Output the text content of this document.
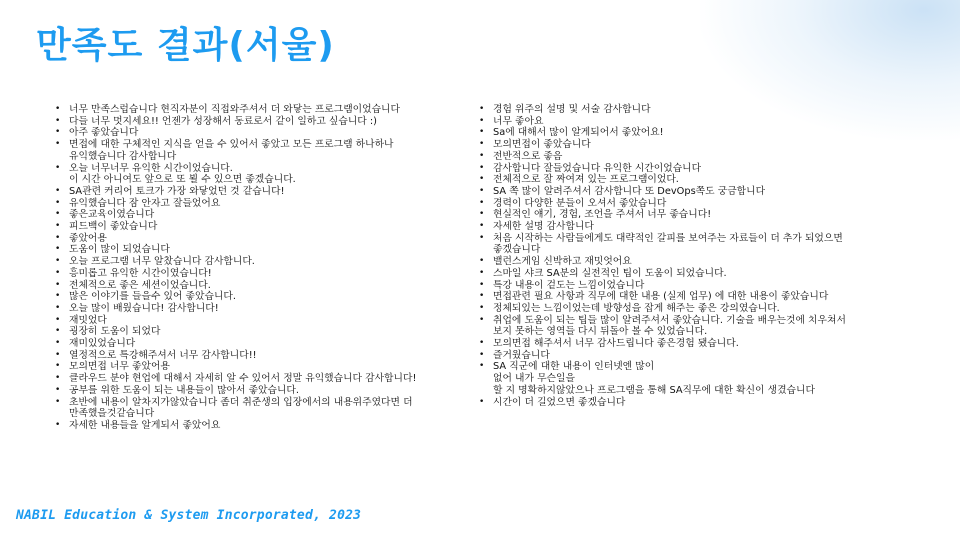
만족도 결과(서울)
• 너무 만족스럽습니다 현직자분이 직접와주셔서 더 와닿는 프로그램이었습니다
• 다들 너무 멋지세요!! 언젠가 성장해서 동료로서 같이 일하고 싶습니다 :)
• 아주 좋았습니다
• 면접에 대한 구체적인 지식을 얻을 수 있어서 좋았고 모든 프로그램 하나하나
유익했습니다 감사합니다
• 오늘 너무너무 유익한 시간이었습니다.
이 시간 아니여도 앞으로 또 뵐 수 있으면 좋겠습니다.
• SA관련 커리어 토크가 가장 와닿었던 것 같습니다!
• 유익했습니다 잠 안자고 잘들었어요
• 좋은교육이였슴니다
• 피드백이 좋았습니다
• 좋았어용
• 도움이 많이 되었습니다
• 오늘 프로그램 너무 알찼습니다 감사합니다.
• 흥미롭고 유익한 시간이였습니다!
• 전체적으로 좋은 세션이었습니다.
• 많은 이야기를 들을수 있어 좋았습니다.
• 오늘 많이 배웠습니다! 감사합니다!
• 재밋었다
• 굉장히 도움이 되었다
• 재미있었습니다
• 열정적으로 특강해주셔서 너무 감사합니다!!
• 모의면접 너무 좋았어용
• 클라우드 분야 현업에 대해서 자세히 알 수 있어서 정말 유익했습니다 감사합니다!
• 공부를 위한 도움이 되는 내용들이 많아서 좋았습니다.
• 초반에 내용이 알차지가않았습니다 좀더 취준생의 입장에서의 내용위주였다면 더
만족했을것같습니다
• 자세한 내용들을 알게되서 좋았어요
• 경험 위주의 설명 및 서술 감사합니다
• 너무 좋아요
• Sa에 대해서 많이 알게되어서 좋았어요!
• 모의면접이 좋았습니다
• 전반적으로 좋음
• 감사합니다 잘들었습니다 유익한 시간이었습니다
• 전체적으로 잘 짜여져 있는 프로그램이었다.
• SA 쪽 많이 알려주셔서 감사합니다 또 DevOps쪽도 궁금합니다
• 경력이 다양한 분들이 오셔서 좋았습니다
• 현실적인 얘기, 경험, 조언을 주셔서 너무 좋습니다!
• 자세한 설명 감사합니다
• 처음 시작하는 사람들에게도 대략적인 갈피를 보여주는 자료들이 더 추가 되었으면
좋겠습니다
• 밸런스게임 신박하고 재밋엇어요
• 스마일 샤크 SA분의 실전적인 팁이 도움이 되었습니다.
• 특강 내용이 겉도는 느낌이었습니다
• 면접관련 필요 사항과 직무에 대한 내용 (실제 업무) 에 대한 내용이 좋았습니다
• 정체되있는 느낌이었는데 방향성을 잡게 해주는 좋은 강의였습니다.
• 취업에 도움이 되는 팁들 많이 알려주셔서 좋았습니다. 기술을 배우는것에 치우쳐서
보지 못하는 영역들 다시 뒤돌아 볼 수 있었습니다.
• 모의면접 해주셔서 너무 감사드립니다 좋은경험 됐습니다.
• 즐거웠습니다
• SA 직군에 대한 내용이 인터넷엔 많이
없어 내가 무슨일을
할 지 명확하지않았으나 프로그램을 통해 SA직무에 대한 확신이 생겼습니다
• 시간이 더 길었으면 좋겠습니다
NABIL Education & System Incorporated, 2023
